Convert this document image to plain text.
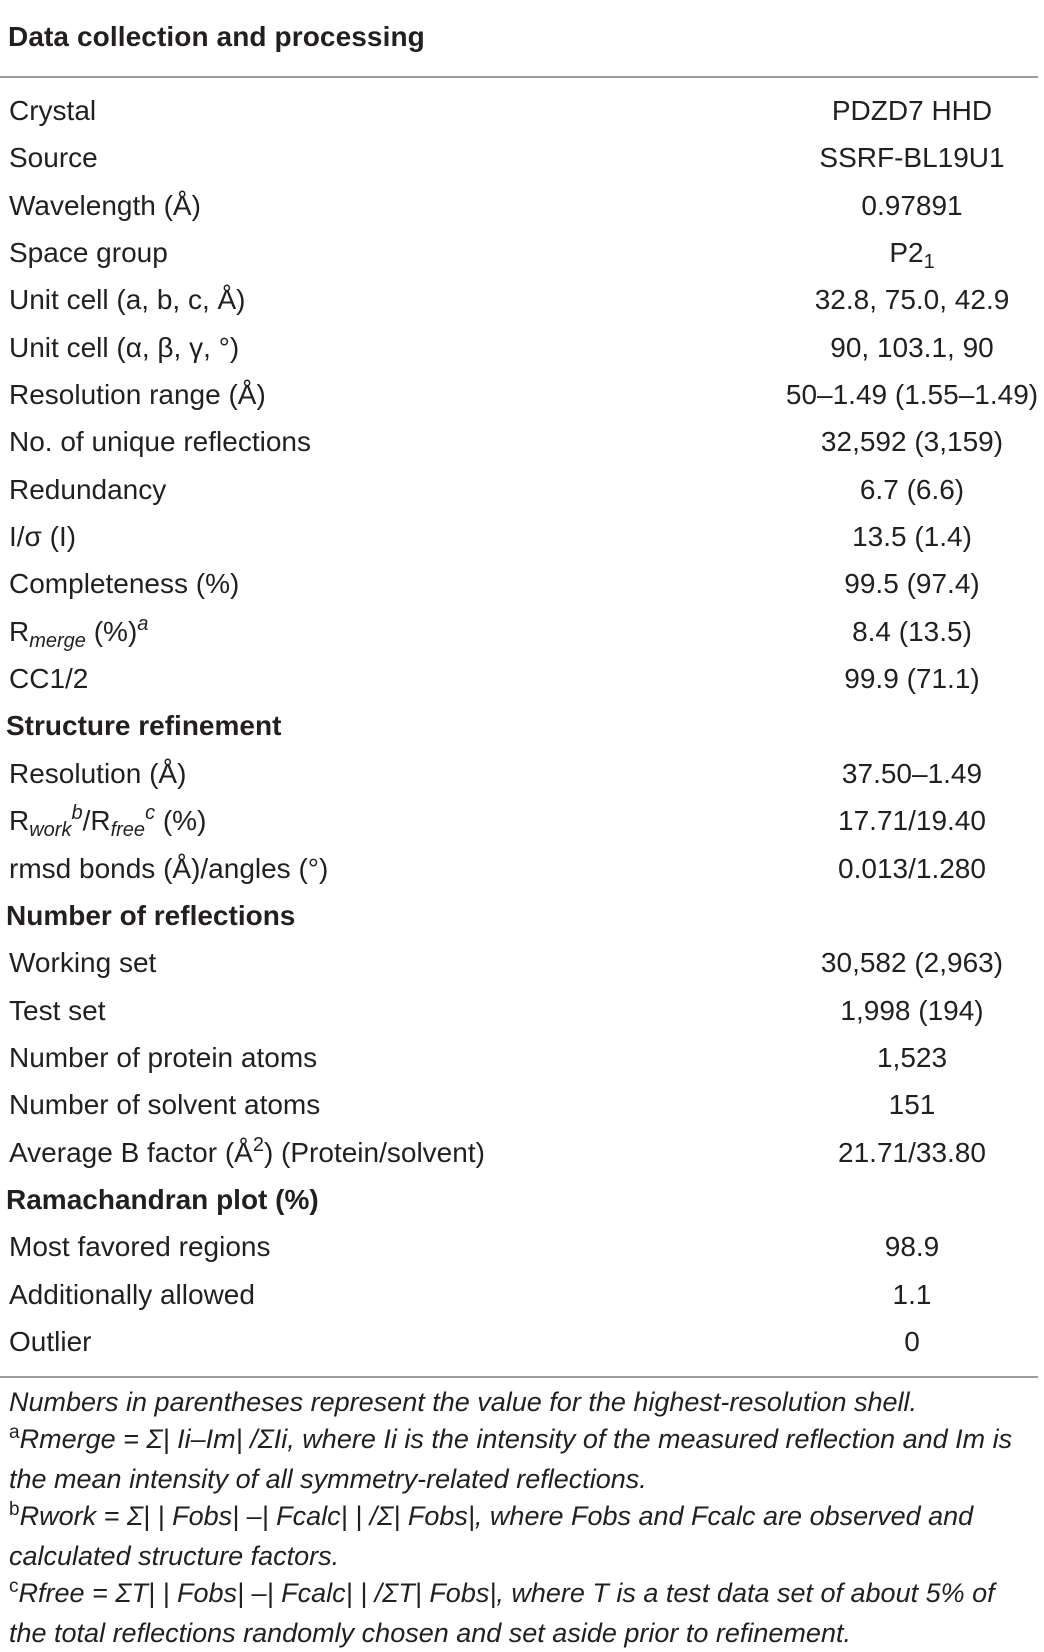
Data collection and processing
Crystal	PDZD7 HHD
Source	SSRF-BL19U1
Wavelength (Å)	0.97891
Space group	$P2_1$
Unit cell (a, b, c, Å)	32.8, 75.0, 42.9
Unit cell (α, β, γ, °)	90, 103.1, 90
Resolution range (Å)	50–1.49 (1.55–1.49)
No. of unique reflections	32,592 (3,159)
Redundancy	6.7 (6.6)
I/σ (I)	13.5 (1.4)
Completeness (%)	99.5 (97.4)
$R_{merge}$ (%)$^a$	8.4 (13.5)
CC1/2	99.9 (71.1)
Structure refinement
Resolution (Å)	37.50–1.49
$R_{work}^b/R_{free}^c$ (%)	17.71/19.40
rmsd bonds (Å)/angles (°)	0.013/1.280
Number of reflections
Working set	30,582 (2,963)
Test set	1,998 (194)
Number of protein atoms	1,523
Number of solvent atoms	151
Average B factor $(Å^2)$ (Protein/solvent)	21.71/33.80
Ramachandran plot (%)
Most favored regions	98.9
Additionally allowed	1.1
Outlier	0

Numbers in parentheses represent the value for the highest-resolution shell.

$^a$Rmerge = Σ| Ii–Im| /ΣIi, where Ii is the intensity of the measured reflection and Im is the mean intensity of all symmetry-related reflections.

$^b$Rwork = Σ| | Fobs| –| Fcalc| | /Σ| Fobs|, where Fobs and Fcalc are observed and calculated structure factors.

$^c$Rfree = ΣT| | Fobs| –| Fcalc| | /ΣT| Fobs|, where T is a test data set of about 5% of the total reflections randomly chosen and set aside prior to refinement.
